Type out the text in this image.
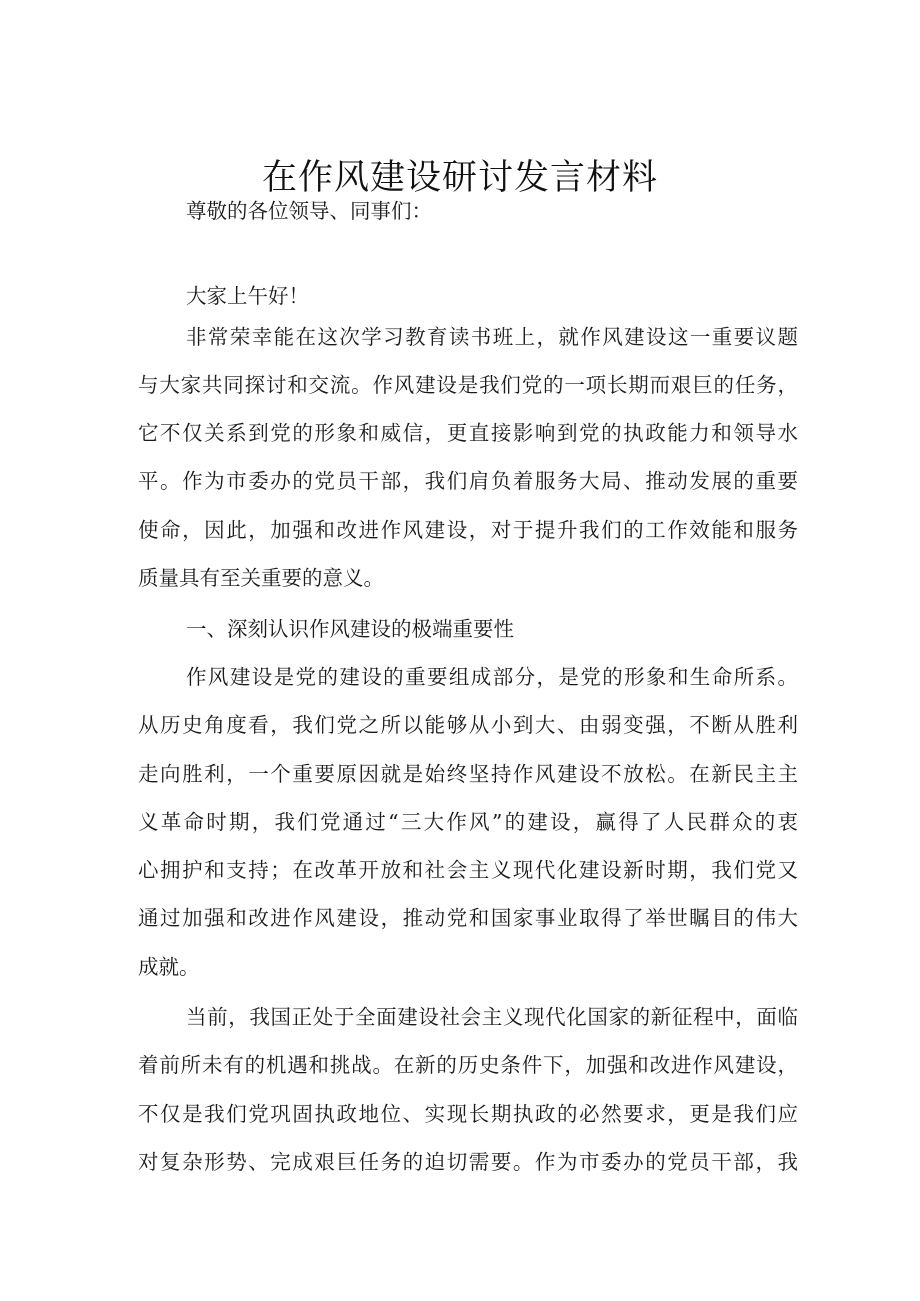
在作风建设研讨发言材料

尊敬的各位领导、同事们：

大家上午好！

非常荣幸能在这次学习教育读书班上，就作风建设这一重要议题

与大家共同探讨和交流。作风建设是我们党的一项长期而艰巨的任务，

它不仅关系到党的形象和威信，更直接影响到党的执政能力和领导水

平。作为市委办的党员干部，我们肩负着服务大局、推动发展的重要

使命，因此，加强和改进作风建设，对于提升我们的工作效能和服务

质量具有至关重要的意义。

一、深刻认识作风建设的极端重要性

作风建设是党的建设的重要组成部分，是党的形象和生命所系。

从历史角度看，我们党之所以能够从小到大、由弱变强，不断从胜利

走向胜利，一个重要原因就是始终坚持作风建设不放松。在新民主主

义革命时期，我们党通过“三大作风”的建设，赢得了人民群众的衷

心拥护和支持；在改革开放和社会主义现代化建设新时期，我们党又

通过加强和改进作风建设，推动党和国家事业取得了举世瞩目的伟大

成就。

当前，我国正处于全面建设社会主义现代化国家的新征程中，面临

着前所未有的机遇和挑战。在新的历史条件下，加强和改进作风建设，

不仅是我们党巩固执政地位、实现长期执政的必然要求，更是我们应

对复杂形势、完成艰巨任务的迫切需要。作为市委办的党员干部，我
